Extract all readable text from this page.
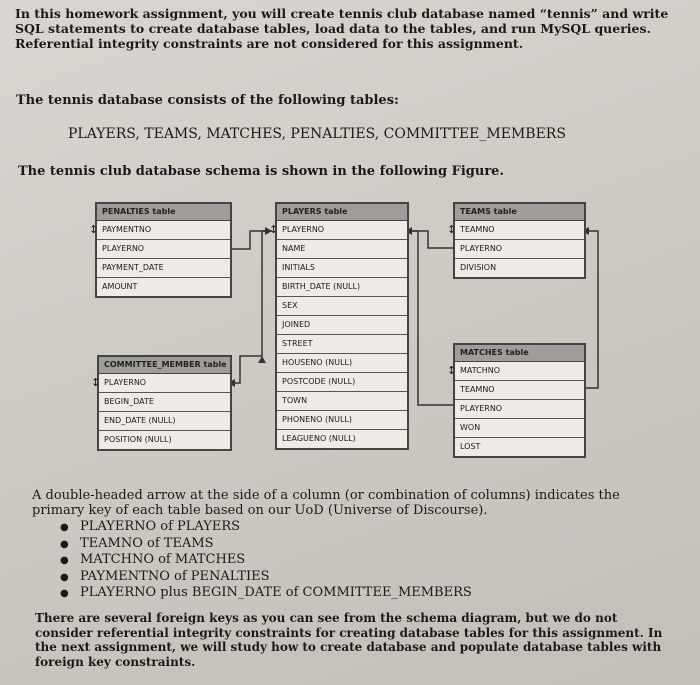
In this homework assignment, you will create tennis club database named “tennis” and write SQL statements to create database tables, load data to the tables, and run MySQL queries. Referential integrity constraints are not considered for this assignment.
The tennis database consists of the following tables:
PLAYERS, TEAMS, MATCHES, PENALTIES, COMMITTEE_MEMBERS
The tennis club database schema is shown in the following Figure.
PENALTIES table
↕ PAYMENTNO
PLAYERNO
PAYMENT_DATE
AMOUNT
PLAYERS table
↕ PLAYERNO
NAME
INITIALS
BIRTH_DATE (NULL)
SEX
JOINED
STREET
HOUSENO (NULL)
POSTCODE (NULL)
TOWN
PHONENO (NULL)
LEAGUENO (NULL)
TEAMS table
↕ TEAMNO
PLAYERNO
DIVISION
MATCHES table
↕ MATCHNO
TEAMNO
PLAYERNO
WON
LOST
COMMITTEE_MEMBER table
↕ PLAYERNO
BEGIN_DATE
END_DATE (NULL)
POSITION (NULL)
A double-headed arrow at the side of a column (or combination of columns) indicates the primary key of each table based on our UoD (Universe of Discourse).
● PLAYERNO of PLAYERS
● TEAMNO of TEAMS
● MATCHNO of MATCHES
● PAYMENTNO of PENALTIES
● PLAYERNO plus BEGIN_DATE of COMMITTEE_MEMBERS
There are several foreign keys as you can see from the schema diagram, but we do not consider referential integrity constraints for creating database tables for this assignment. In the next assignment, we will study how to create database and populate database tables with foreign key constraints.
